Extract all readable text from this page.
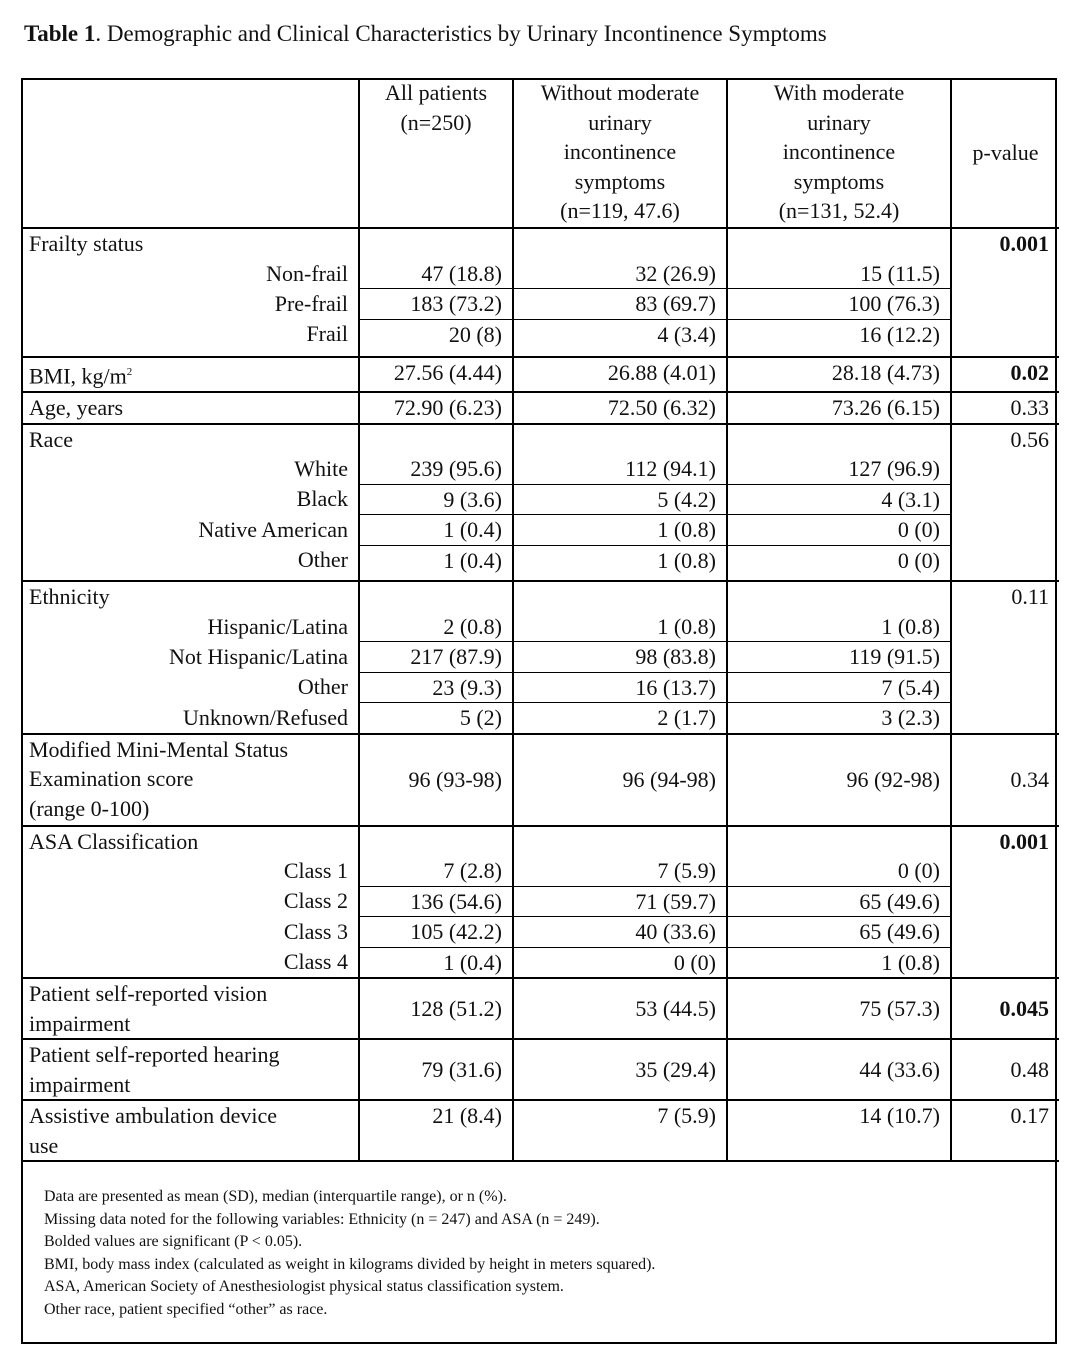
Table 1. Demographic and Clinical Characteristics by Urinary Incontinence Symptoms
	All patients
(n=250)	Without moderate
urinary
incontinence
symptoms
(n=119, 47.6)	With moderate
urinary
incontinence
symptoms
(n=131, 52.4)	p-value
Frailty status				0.001
Non-frail	47 (18.8)	32 (26.9)	15 (11.5)	
Pre-frail	183 (73.2)	83 (69.7)	100 (76.3)	
Frail	20 (8)	4 (3.4)	16 (12.2)	
BMI, $kg/m^2$	27.56 (4.44)	26.88 (4.01)	28.18 (4.73)	0.02
Age, years	72.90 (6.23)	72.50 (6.32)	73.26 (6.15)	0.33
Race				0.56
White	239 (95.6)	112 (94.1)	127 (96.9)	
Black	9 (3.6)	5 (4.2)	4 (3.1)	
Native American	1 (0.4)	1 (0.8)	0 (0)	
Other	1 (0.4)	1 (0.8)	0 (0)	
Ethnicity				0.11
Hispanic/Latina	2 (0.8)	1 (0.8)	1 (0.8)	
Not Hispanic/Latina	217 (87.9)	98 (83.8)	119 (91.5)	
Other	23 (9.3)	16 (13.7)	7 (5.4)	
Unknown/Refused	5 (2)	2 (1.7)	3 (2.3)	
Modified Mini-Mental Status
Examination score
(range 0-100)	96 (93-98)	96 (94-98)	96 (92-98)	0.34
ASA Classification				0.001
Class 1	7 (2.8)	7 (5.9)	0 (0)	
Class 2	136 (54.6)	71 (59.7)	65 (49.6)	
Class 3	105 (42.2)	40 (33.6)	65 (49.6)	
Class 4	1 (0.4)	0 (0)	1 (0.8)	
Patient self-reported vision
impairment	128 (51.2)	53 (44.5)	75 (57.3)	0.045
Patient self-reported hearing
impairment	79 (31.6)	35 (29.4)	44 (33.6)	0.48
Assistive ambulation device
use	21 (8.4)	7 (5.9)	14 (10.7)	0.17

Data are presented as mean (SD), median (interquartile range), or n (%).
Missing data noted for the following variables: Ethnicity (n = 247) and ASA (n = 249).
Bolded values are significant (P < 0.05).
BMI, body mass index (calculated as weight in kilograms divided by height in meters squared).
ASA, American Society of Anesthesiologist physical status classification system.
Other race, patient specified “other” as race.
